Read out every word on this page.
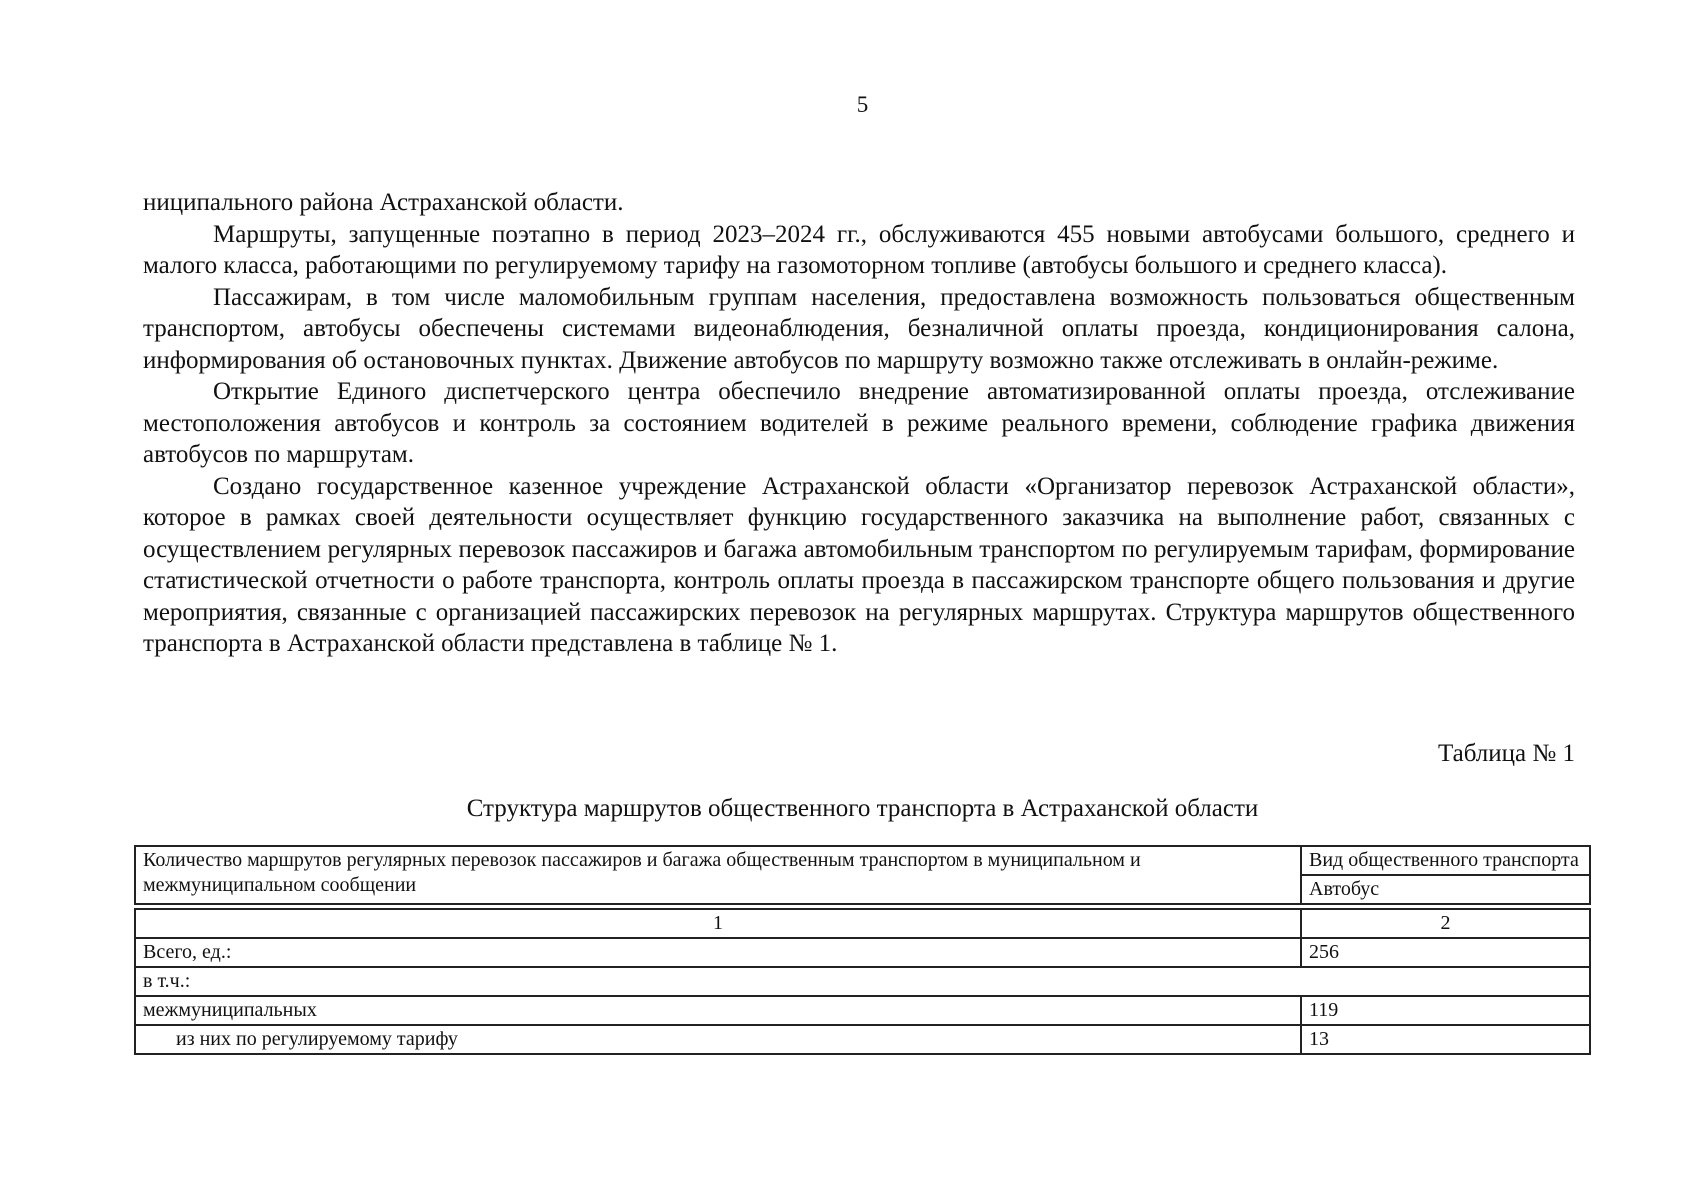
5

ниципального района Астраханской области.

Маршруты, запущенные поэтапно в период 2023–2024 гг., обслуживаются 455 новыми автобусами большого, среднего и малого класса, работающими по регулируемому тарифу на газомоторном топливе (автобусы большого и среднего класса).

Пассажирам, в том числе маломобильным группам населения, предоставлена возможность пользоваться общественным транспортом, автобусы обеспечены системами видеонаблюдения, безналичной оплаты проезда, кондиционирования салона, информирования об остановочных пунктах. Движение автобусов по маршруту возможно также отслеживать в онлайн-режиме.

Открытие Единого диспетчерского центра обеспечило внедрение автоматизированной оплаты проезда, отслеживание местоположения автобусов и контроль за состоянием водителей в режиме реального времени, соблюдение графика движения автобусов по маршрутам.

Создано государственное казенное учреждение Астраханской области «Организатор перевозок Астраханской области», которое в рамках своей деятельности осуществляет функцию государственного заказчика на выполнение работ, связанных с осуществлением регулярных перевозок пассажиров и багажа автомобильным транспортом по регулируемым тарифам, формирование статистической отчетности о работе транспорта, контроль оплаты проезда в пассажирском транспорте общего пользования и другие мероприятия, связанные с организацией пассажирских перевозок на регулярных маршрутах. Структура маршрутов общественного транспорта в Астраханской области представлена в таблице № 1.

Таблица № 1
Структура маршрутов общественного транспорта в Астраханской области
Количество маршрутов регулярных перевозок пассажиров и багажа общественным транспортом в муниципальном и межмуниципальном сообщении	Вид общественного транспорта
	Автобус

1	2
Всего, ед.:	256
в т.ч.:	
межмуниципальных	119
из них по регулируемому тарифу	13
